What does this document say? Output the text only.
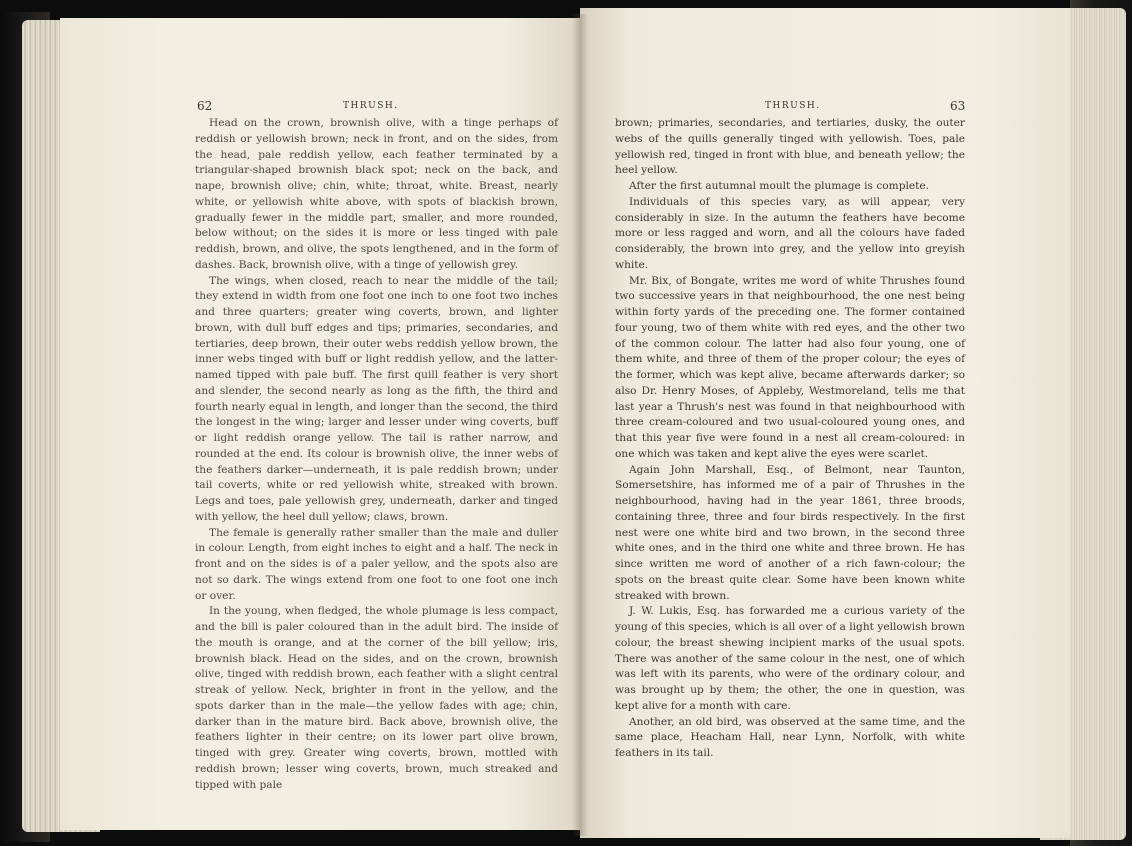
62	THRUSH.	THRUSH.	63

Head on the crown, brownish olive, with a tinge perhaps of reddish or yellowish brown; neck in front, and on the sides, from the head, pale reddish yellow, each feather terminated by a triangular-shaped brownish black spot; neck on the back, and nape, brownish olive; chin, white; throat, white. Breast, nearly white, or yellowish white above, with spots of blackish brown, gradually fewer in the middle part, smaller, and more rounded, below without; on the sides it is more or less tinged with pale reddish, brown, and olive, the spots lengthened, and in the form of dashes. Back, brownish olive, with a tinge of yellowish grey.

The wings, when closed, reach to near the middle of the tail; they extend in width from one foot one inch to one foot two inches and three quarters; greater wing coverts, brown, and lighter brown, with dull buff edges and tips; primaries, secondaries, and tertiaries, deep brown, their outer webs reddish yellow brown, the inner webs tinged with buff or light reddish yellow, and the latter-named tipped with pale buff. The first quill feather is very short and slender, the second nearly as long as the fifth, the third and fourth nearly equal in length, and longer than the second, the third the longest in the wing; larger and lesser under wing coverts, buff or light reddish orange yellow. The tail is rather narrow, and rounded at the end. Its colour is brownish olive, the inner webs of the feathers darker—underneath, it is pale reddish brown; under tail coverts, white or red yellowish white, streaked with brown. Legs and toes, pale yellowish grey, underneath, darker and tinged with yellow, the heel dull yellow; claws, brown.

The female is generally rather smaller than the male and duller in colour. Length, from eight inches to eight and a half. The neck in front and on the sides is of a paler yellow, and the spots also are not so dark. The wings extend from one foot to one foot one inch or over.

In the young, when fledged, the whole plumage is less compact, and the bill is paler coloured than in the adult bird. The inside of the mouth is orange, and at the corner of the bill yellow; iris, brownish black. Head on the sides, and on the crown, brownish olive, tinged with reddish brown, each feather with a slight central streak of yellow. Neck, brighter in front in the yellow, and the spots darker than in the male—the yellow fades with age; chin, darker than in the mature bird. Back above, brownish olive, the feathers lighter in their centre; on its lower part olive brown, tinged with grey. Greater wing coverts, brown, mottled with reddish brown; lesser wing coverts, brown, much streaked and tipped with pale

brown; primaries, secondaries, and tertiaries, dusky, the outer webs of the quills generally tinged with yellowish. Toes, pale yellowish red, tinged in front with blue, and beneath yellow; the heel yellow.

After the first autumnal moult the plumage is complete.

Individuals of this species vary, as will appear, very considerably in size. In the autumn the feathers have become more or less ragged and worn, and all the colours have faded considerably, the brown into grey, and the yellow into greyish white.

Mr. Bix, of Bongate, writes me word of white Thrushes found two successive years in that neighbourhood, the one nest being within forty yards of the preceding one. The former contained four young, two of them white with red eyes, and the other two of the common colour. The latter had also four young, one of them white, and three of them of the proper colour; the eyes of the former, which was kept alive, became afterwards darker; so also Dr. Henry Moses, of Appleby, Westmoreland, tells me that last year a Thrush's nest was found in that neighbourhood with three cream-coloured and two usual-coloured young ones, and that this year five were found in a nest all cream-coloured: in one which was taken and kept alive the eyes were scarlet.

Again John Marshall, Esq., of Belmont, near Taunton, Somersetshire, has informed me of a pair of Thrushes in the neighbourhood, having had in the year 1861, three broods, containing three, three and four birds respectively. In the first nest were one white bird and two brown, in the second three white ones, and in the third one white and three brown. He has since written me word of another of a rich fawn-colour; the spots on the breast quite clear. Some have been known white streaked with brown.

J. W. Lukis, Esq. has forwarded me a curious variety of the young of this species, which is all over of a light yellowish brown colour, the breast shewing incipient marks of the usual spots. There was another of the same colour in the nest, one of which was left with its parents, who were of the ordinary colour, and was brought up by them; the other, the one in question, was kept alive for a month with care.

Another, an old bird, was observed at the same time, and the same place, Heacham Hall, near Lynn, Norfolk, with white feathers in its tail.
